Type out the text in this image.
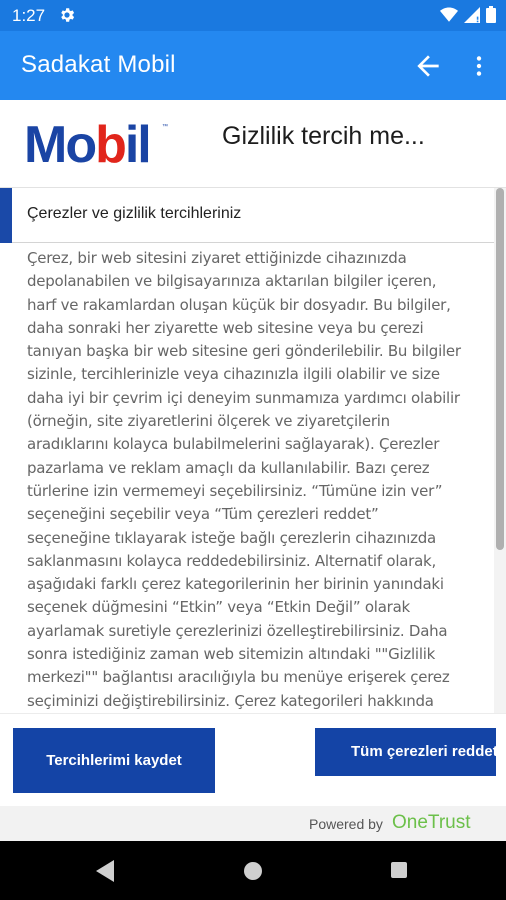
1:27
Sadakat Mobil
Mobil ™ Gizlilik tercih me...
Çerezler ve gizlilik tercihleriniz

Çerez, bir web sitesini ziyaret ettiğinizde cihazınızda depolanabilen ve bilgisayarınıza aktarılan bilgiler içeren, harf ve rakamlardan oluşan küçük bir dosyadır. Bu bilgiler, daha sonraki her ziyarette web sitesine veya bu çerezi tanıyan başka bir web sitesine geri gönderilebilir. Bu bilgiler sizinle, tercihlerinizle veya cihazınızla ilgili olabilir ve size daha iyi bir çevrim içi deneyim sunmamıza yardımcı olabilir (örneğin, site ziyaretlerini ölçerek ve ziyaretçilerin aradıklarını kolayca bulabilmelerini sağlayarak). Çerezler pazarlama ve reklam amaçlı da kullanılabilir. Bazı çerez türlerine izin vermemeyi seçebilirsiniz. “Tümüne izin ver” seçeneğini seçebilir veya “Tüm çerezleri reddet” seçeneğine tıklayarak isteğe bağlı çerezlerin cihazınızda saklanmasını kolayca reddedebilirsiniz. Alternatif olarak, aşağıdaki farklı çerez kategorilerinin her birinin yanındaki seçenek düğmesini “Etkin” veya “Etkin Değil” olarak ayarlamak suretiyle çerezlerinizi özelleştirebilirsiniz. Daha sonra istediğiniz zaman web sitemizin altındaki ""Gizlilik merkezi"" bağlantısı aracılığıyla bu menüye erişerek çerez seçiminizi değiştirebilirsiniz. Çerez kategorileri hakkında

Tercihlerimi kaydet	Tüm çerezleri reddet
Powered by OneTrust
